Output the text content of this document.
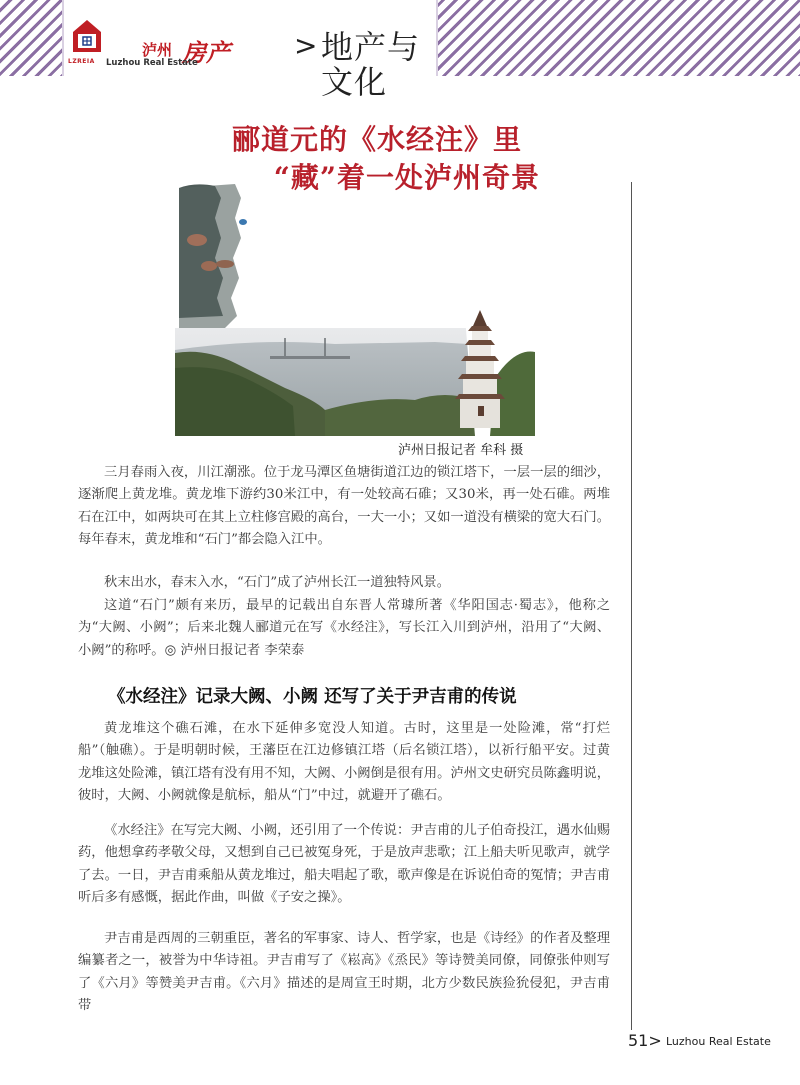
LZREIA
泸州 房产
Luzhou Real Estate
> 地产与文化
郦道元的《水经注》里
“藏”着一处泸州奇景
泸州日报记者 牟科 摄

三月春雨入夜，川江潮涨。位于龙马潭区鱼塘街道江边的锁江塔下，一层一层的细沙，逐渐爬上黄龙堆。黄龙堆下游约30米江中，有一处较高石碓；又30米，再一处石碓。两堆石在江中，如两块可在其上立柱修宫殿的高台，一大一小；又如一道没有横梁的宽大石门。每年春末，黄龙堆和“石门”都会隐入江中。

秋末出水，春末入水，“石门”成了泸州长江一道独特风景。

这道“石门”颇有来历，最早的记载出自东晋人常璩所著《华阳国志·蜀志》，他称之为“大阙、小阙”；后来北魏人郦道元在写《水经注》，写长江入川到泸州，沿用了“大阙、小阙”的称呼。◎ 泸州日报记者 李荣泰

《水经注》记录大阙、小阙 还写了关于尹吉甫的传说

黄龙堆这个礁石滩，在水下延伸多宽没人知道。古时，这里是一处险滩，常“打烂船”（触礁）。于是明朝时候，王藩臣在江边修镇江塔（后名锁江塔），以祈行船平安。过黄龙堆这处险滩，镇江塔有没有用不知，大阙、小阙倒是很有用。泸州文史研究员陈鑫明说，彼时，大阙、小阙就像是航标，船从“门”中过，就避开了礁石。

《水经注》在写完大阙、小阙，还引用了一个传说：尹吉甫的儿子伯奇投江，遇水仙赐药，他想拿药孝敬父母，又想到自己已被冤身死，于是放声悲歌；江上船夫听见歌声，就学了去。一日，尹吉甫乘船从黄龙堆过，船夫唱起了歌，歌声像是在诉说伯奇的冤情；尹吉甫听后多有感慨，据此作曲，叫做《子安之操》。

尹吉甫是西周的三朝重臣，著名的军事家、诗人、哲学家，也是《诗经》的作者及整理编纂者之一，被誉为中华诗祖。尹吉甫写了《崧高》《烝民》等诗赞美同僚，同僚张仲则写了《六月》等赞美尹吉甫。《六月》描述的是周宣王时期，北方少数民族猃狁侵犯，尹吉甫带

51> Luzhou Real Estate
